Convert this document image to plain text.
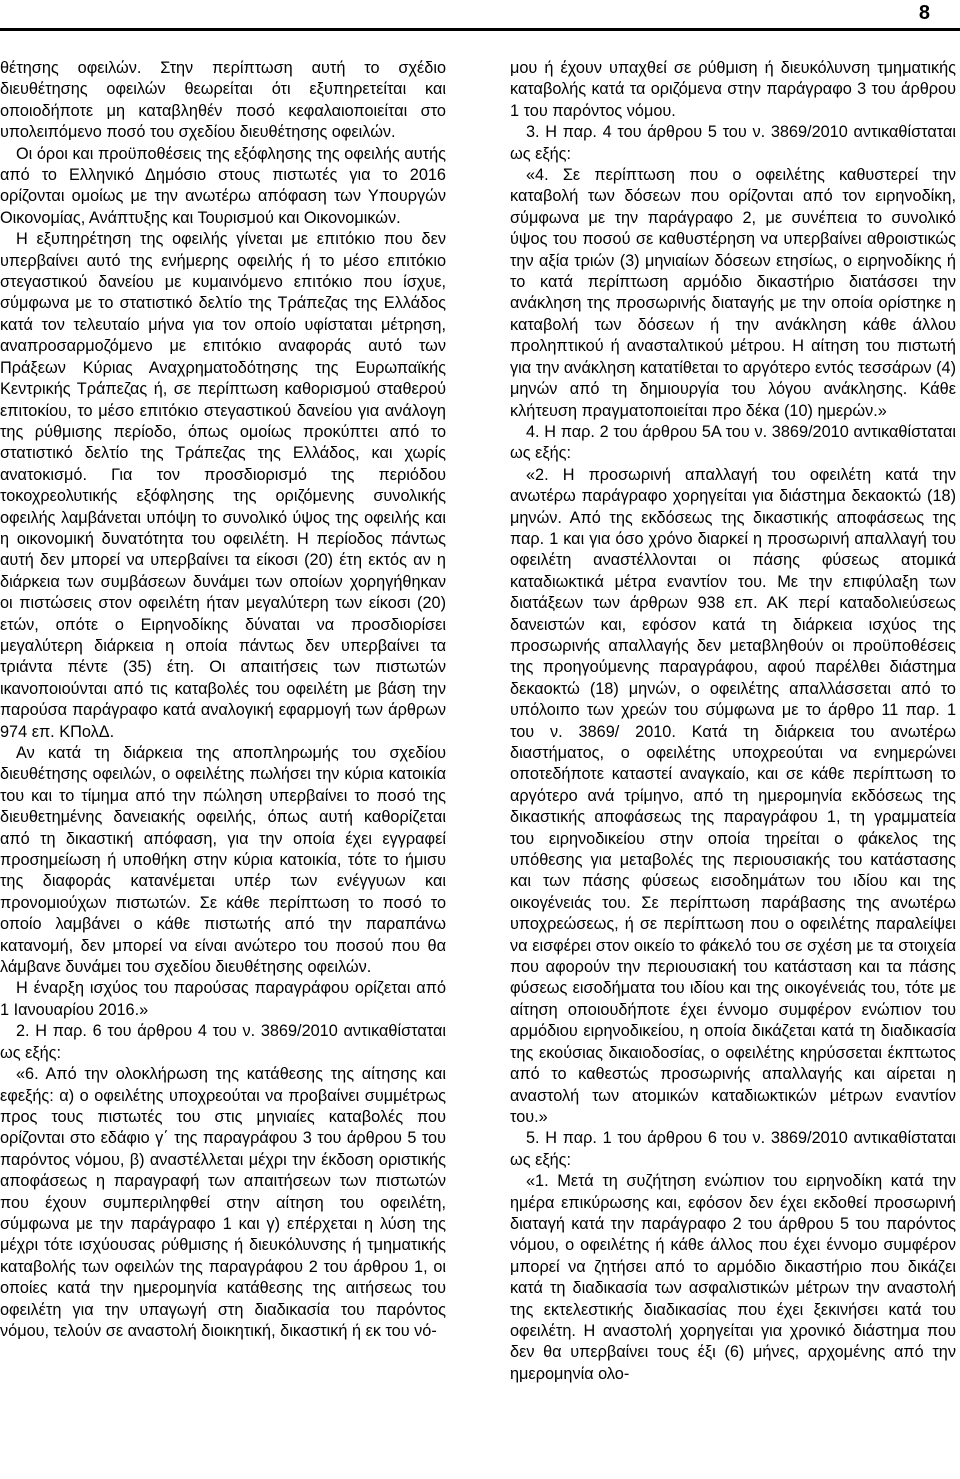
8

θέτησης οφειλών. Στην περίπτωση αυτή το σχέδιο διευθέτησης οφειλών θεωρείται ότι εξυπηρετείται και οποιοδήποτε μη καταβληθέν ποσό κεφαλαιοποιείται στο υπολειπόμενο ποσό του σχεδίου διευθέτησης οφειλών.

Οι όροι και προϋποθέσεις της εξόφλησης της οφειλής αυτής από το Ελληνικό Δημόσιο στους πιστωτές για το 2016 ορίζονται ομοίως με την ανωτέρω απόφαση των Υπουργών Οικονομίας, Ανάπτυξης και Τουρισμού και Οικονομικών.

Η εξυπηρέτηση της οφειλής γίνεται με επιτόκιο που δεν υπερβαίνει αυτό της ενήμερης οφειλής ή το μέσο επιτόκιο στεγαστικού δανείου με κυμαινόμενο επιτόκιο που ίσχυε, σύμφωνα με το στατιστικό δελτίο της Τράπεζας της Ελλάδος κατά τον τελευταίο μήνα για τον οποίο υφίσταται μέτρηση, αναπροσαρμοζόμενο με επιτόκιο αναφοράς αυτό των Πράξεων Κύριας Αναχρηματοδότησης της Ευρωπαϊκής Κεντρικής Τράπεζας ή, σε περίπτωση καθορισμού σταθερού επιτοκίου, το μέσο επιτόκιο στεγαστικού δανείου για ανάλογη της ρύθμισης περίοδο, όπως ομοίως προκύπτει από το στατιστικό δελτίο της Τράπεζας της Ελλάδος, και χωρίς ανατοκισμό. Για τον προσδιορισμό της περιόδου τοκοχρεολυτικής εξόφλησης της οριζόμενης συνολικής οφειλής λαμβάνεται υπόψη το συνολικό ύψος της οφειλής και η οικονομική δυνατότητα του οφειλέτη. Η περίοδος πάντως αυτή δεν μπορεί να υπερβαίνει τα είκοσι (20) έτη εκτός αν η διάρκεια των συμβάσεων δυνάμει των οποίων χορηγήθηκαν οι πιστώσεις στον οφειλέτη ήταν μεγαλύτερη των είκοσι (20) ετών, οπότε ο Ειρηνοδίκης δύναται να προσδιορίσει μεγαλύτερη διάρκεια η οποία πάντως δεν υπερβαίνει τα τριάντα πέντε (35) έτη. Οι απαιτήσεις των πιστωτών ικανοποιούνται από τις καταβολές του οφειλέτη με βάση την παρούσα παράγραφο κατά αναλογική εφαρμογή των άρθρων 974 επ. ΚΠολΔ.

Αν κατά τη διάρκεια της αποπληρωμής του σχεδίου διευθέτησης οφειλών, ο οφειλέτης πωλήσει την κύρια κατοικία του και το τίμημα από την πώληση υπερβαίνει το ποσό της διευθετημένης δανειακής οφειλής, όπως αυτή καθορίζεται από τη δικαστική απόφαση, για την οποία έχει εγγραφεί προσημείωση ή υποθήκη στην κύρια κατοικία, τότε το ήμισυ της διαφοράς κατανέμεται υπέρ των ενέγγυων και προνομιούχων πιστωτών. Σε κάθε περίπτωση το ποσό το οποίο λαμβάνει ο κάθε πιστωτής από την παραπάνω κατανομή, δεν μπορεί να είναι ανώτερο του ποσού που θα λάμβανε δυνάμει του σχεδίου διευθέτησης οφειλών.

Η έναρξη ισχύος του παρούσας παραγράφου ορίζεται από 1 Ιανουαρίου 2016.»

2. Η παρ. 6 του άρθρου 4 του ν. 3869/2010 αντικαθίσταται ως εξής:

«6. Από την ολοκλήρωση της κατάθεσης της αίτησης και εφεξής: α) ο οφειλέτης υποχρεούται να προβαίνει συμμέτρως προς τους πιστωτές του στις μηνιαίες καταβολές που ορίζονται στο εδάφιο γ΄ της παραγράφου 3 του άρθρου 5 του παρόντος νόμου, β) αναστέλλεται μέχρι την έκδοση οριστικής αποφάσεως η παραγραφή των απαιτήσεων των πιστωτών που έχουν συμπεριληφθεί στην αίτηση του οφειλέτη, σύμφωνα με την παράγραφο 1 και γ) επέρχεται η λύση της μέχρι τότε ισχύουσας ρύθμισης ή διευκόλυνσης ή τμηματικής καταβολής των οφειλών της παραγράφου 2 του άρθρου 1, οι οποίες κατά την ημερομηνία κατάθεσης της αιτήσεως του οφειλέτη για την υπαγωγή στη διαδικασία του παρόντος νόμου, τελούν σε αναστολή διοικητική, δικαστική ή εκ του νό-

μου ή έχουν υπαχθεί σε ρύθμιση ή διευκόλυνση τμηματικής καταβολής κατά τα οριζόμενα στην παράγραφο 3 του άρθρου 1 του παρόντος νόμου.

3. Η παρ. 4 του άρθρου 5 του ν. 3869/2010 αντικαθίσταται ως εξής:

«4. Σε περίπτωση που ο οφειλέτης καθυστερεί την καταβολή των δόσεων που ορίζονται από τον ειρηνοδίκη, σύμφωνα με την παράγραφο 2, με συνέπεια το συνολικό ύψος του ποσού σε καθυστέρηση να υπερβαίνει αθροιστικώς την αξία τριών (3) μηνιαίων δόσεων ετησίως, ο ειρηνοδίκης ή το κατά περίπτωση αρμόδιο δικαστήριο διατάσσει την ανάκληση της προσωρινής διαταγής με την οποία ορίστηκε η καταβολή των δόσεων ή την ανάκληση κάθε άλλου προληπτικού ή ανασταλτικού μέτρου. Η αίτηση του πιστωτή για την ανάκληση κατατίθεται το αργότερο εντός τεσσάρων (4) μηνών από τη δημιουργία του λόγου ανάκλησης. Κάθε κλήτευση πραγματοποιείται προ δέκα (10) ημερών.»

4. Η παρ. 2 του άρθρου 5Α του ν. 3869/2010 αντικαθίσταται ως εξής:

«2. Η προσωρινή απαλλαγή του οφειλέτη κατά την ανωτέρω παράγραφο χορηγείται για διάστημα δεκαοκτώ (18) μηνών. Από της εκδόσεως της δικαστικής αποφάσεως της παρ. 1 και για όσο χρόνο διαρκεί η προσωρινή απαλλαγή του οφειλέτη αναστέλλονται οι πάσης φύσεως ατομικά καταδιωκτικά μέτρα εναντίον του. Με την επιφύλαξη των διατάξεων των άρθρων 938 επ. ΑΚ περί καταδολιεύσεως δανειστών και, εφόσον κατά τη διάρκεια ισχύος της προσωρινής απαλλαγής δεν μεταβληθούν οι προϋποθέσεις της προηγούμενης παραγράφου, αφού παρέλθει διάστημα δεκαοκτώ (18) μηνών, ο οφειλέτης απαλλάσσεται από το υπόλοιπο των χρεών του σύμφωνα με το άρθρο 11 παρ. 1 του ν. 3869/ 2010. Κατά τη διάρκεια του ανωτέρω διαστήματος, ο οφειλέτης υποχρεούται να ενημερώνει οποτεδήποτε καταστεί αναγκαίο, και σε κάθε περίπτωση το αργότερο ανά τρίμηνο, από τη ημερομηνία εκδόσεως της δικαστικής αποφάσεως της παραγράφου 1, τη γραμματεία του ειρηνοδικείου στην οποία τηρείται ο φάκελος της υπόθεσης για μεταβολές της περιουσιακής του κατάστασης και των πάσης φύσεως εισοδημάτων του ιδίου και της οικογένειάς του. Σε περίπτωση παράβασης της ανωτέρω υποχρεώσεως, ή σε περίπτωση που ο οφειλέτης παραλείψει να εισφέρει στον οικείο το φάκελό του σε σχέση με τα στοιχεία που αφορούν την περιουσιακή του κατάσταση και τα πάσης φύσεως εισοδήματα του ιδίου και της οικογένειάς του, τότε με αίτηση οποιουδήποτε έχει έννομο συμφέρον ενώπιον του αρμόδιου ειρηνοδικείου, η οποία δικάζεται κατά τη διαδικασία της εκούσιας δικαιοδοσίας, ο οφειλέτης κηρύσσεται έκπτωτος από το καθεστώς προσωρινής απαλλαγής και αίρεται η αναστολή των ατομικών καταδιωκτικών μέτρων εναντίον του.»

5. Η παρ. 1 του άρθρου 6 του ν. 3869/2010 αντικαθίσταται ως εξής:

«1. Μετά τη συζήτηση ενώπιον του ειρηνοδίκη κατά την ημέρα επικύρωσης και, εφόσον δεν έχει εκδοθεί προσωρινή διαταγή κατά την παράγραφο 2 του άρθρου 5 του παρόντος νόμου, ο οφειλέτης ή κάθε άλλος που έχει έννομο συμφέρον μπορεί να ζητήσει από το αρμόδιο δικαστήριο που δικάζει κατά τη διαδικασία των ασφαλιστικών μέτρων την αναστολή της εκτελεστικής διαδικασίας που έχει ξεκινήσει κατά του οφειλέτη. Η αναστολή χορηγείται για χρονικό διάστημα που δεν θα υπερβαίνει τους έξι (6) μήνες, αρχομένης από την ημερομηνία ολο-
